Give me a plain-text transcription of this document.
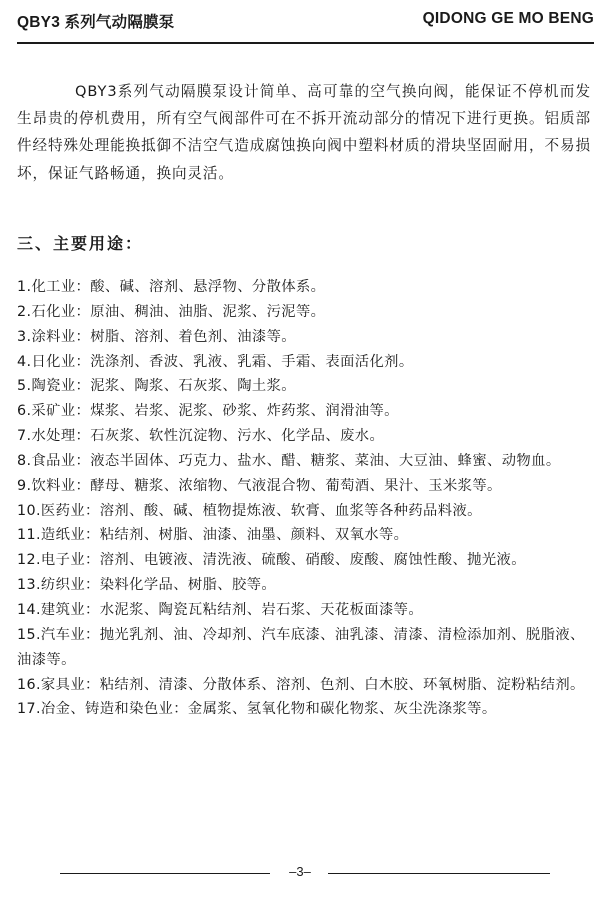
QBY3 系列气动隔膜泵	QIDONG GE MO BENG

QBY3系列气动隔膜泵设计简单、高可靠的空气换向阀，能保证不停机而发生昂贵的停机费用，所有空气阀部件可在不拆开流动部分的情况下进行更换。铝质部件经特殊处理能换抵御不洁空气造成腐蚀换向阀中塑料材质的滑块坚固耐用，不易损坏，保证气路畅通，换向灵活。

三、主要用途：
1.化工业：酸、碱、溶剂、悬浮物、分散体系。
2.石化业：原油、稠油、油脂、泥浆、污泥等。
3.涂料业：树脂、溶剂、着色剂、油漆等。
4.日化业：洗涤剂、香波、乳液、乳霜、手霜、表面活化剂。
5.陶瓷业：泥浆、陶浆、石灰浆、陶土浆。
6.采矿业：煤浆、岩浆、泥浆、砂浆、炸药浆、润滑油等。
7.水处理：石灰浆、软性沉淀物、污水、化学品、废水。
8.食品业：液态半固体、巧克力、盐水、醋、糖浆、菜油、大豆油、蜂蜜、动物血。
9.饮料业：酵母、糖浆、浓缩物、气液混合物、葡萄酒、果汁、玉米浆等。
10.医药业：溶剂、酸、碱、植物提炼液、软膏、血浆等各种药品料液。
11.造纸业：粘结剂、树脂、油漆、油墨、颜料、双氧水等。
12.电子业：溶剂、电镀液、清洗液、硫酸、硝酸、废酸、腐蚀性酸、抛光液。
13.纺织业：染料化学品、树脂、胶等。
14.建筑业：水泥浆、陶瓷瓦粘结剂、岩石浆、天花板面漆等。
15.汽车业：抛光乳剂、油、冷却剂、汽车底漆、油乳漆、清漆、清检添加剂、脱脂液、油漆等。
16.家具业：粘结剂、清漆、分散体系、溶剂、色剂、白木胶、环氧树脂、淀粉粘结剂。
17.冶金、铸造和染色业：金属浆、氢氧化物和碳化物浆、灰尘洗涤浆等。
–3–
